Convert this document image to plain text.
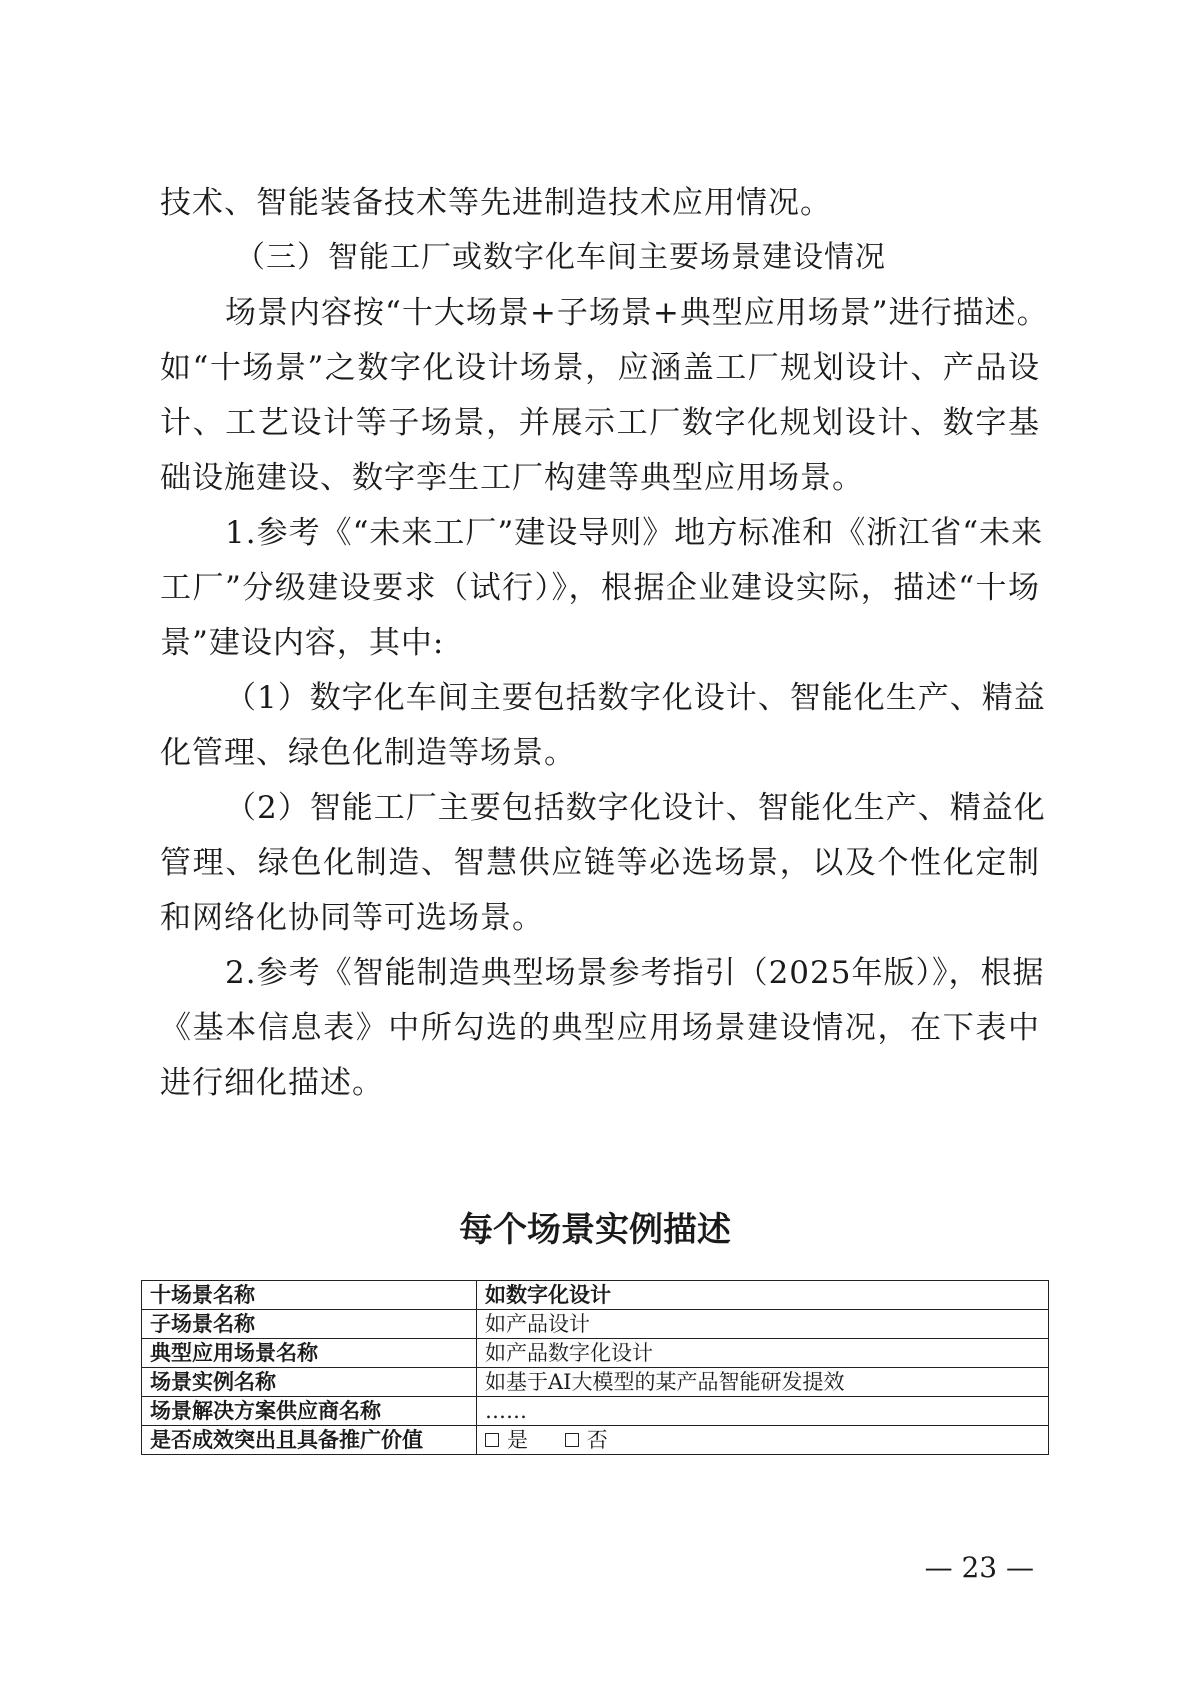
技术、智能装备技术等先进制造技术应用情况。
（三）智能工厂或数字化车间主要场景建设情况
场景内容按“十大场景+子场景+典型应用场景”进行描述。
如“十场景”之数字化设计场景，应涵盖工厂规划设计、产品设
计、工艺设计等子场景，并展示工厂数字化规划设计、数字基
础设施建设、数字孪生工厂构建等典型应用场景。
1.参考《“未来工厂”建设导则》地方标准和《浙江省“未来
工厂”分级建设要求（试行）》，根据企业建设实际，描述“十场
景”建设内容，其中:
（1）数字化车间主要包括数字化设计、智能化生产、精益
化管理、绿色化制造等场景。
（2）智能工厂主要包括数字化设计、智能化生产、精益化
管理、绿色化制造、智慧供应链等必选场景，以及个性化定制
和网络化协同等可选场景。
2.参考《智能制造典型场景参考指引（2025年版）》，根据
《基本信息表》中所勾选的典型应用场景建设情况，在下表中
进行细化描述。
每个场景实例描述
十场景名称	如数字化设计
子场景名称	如产品设计
典型应用场景名称	如产品数字化设计
场景实例名称	如基于AI大模型的某产品智能研发提效
场景解决方案供应商名称	……
是否成效突出且具备推广价值	是 否
— 23 —
